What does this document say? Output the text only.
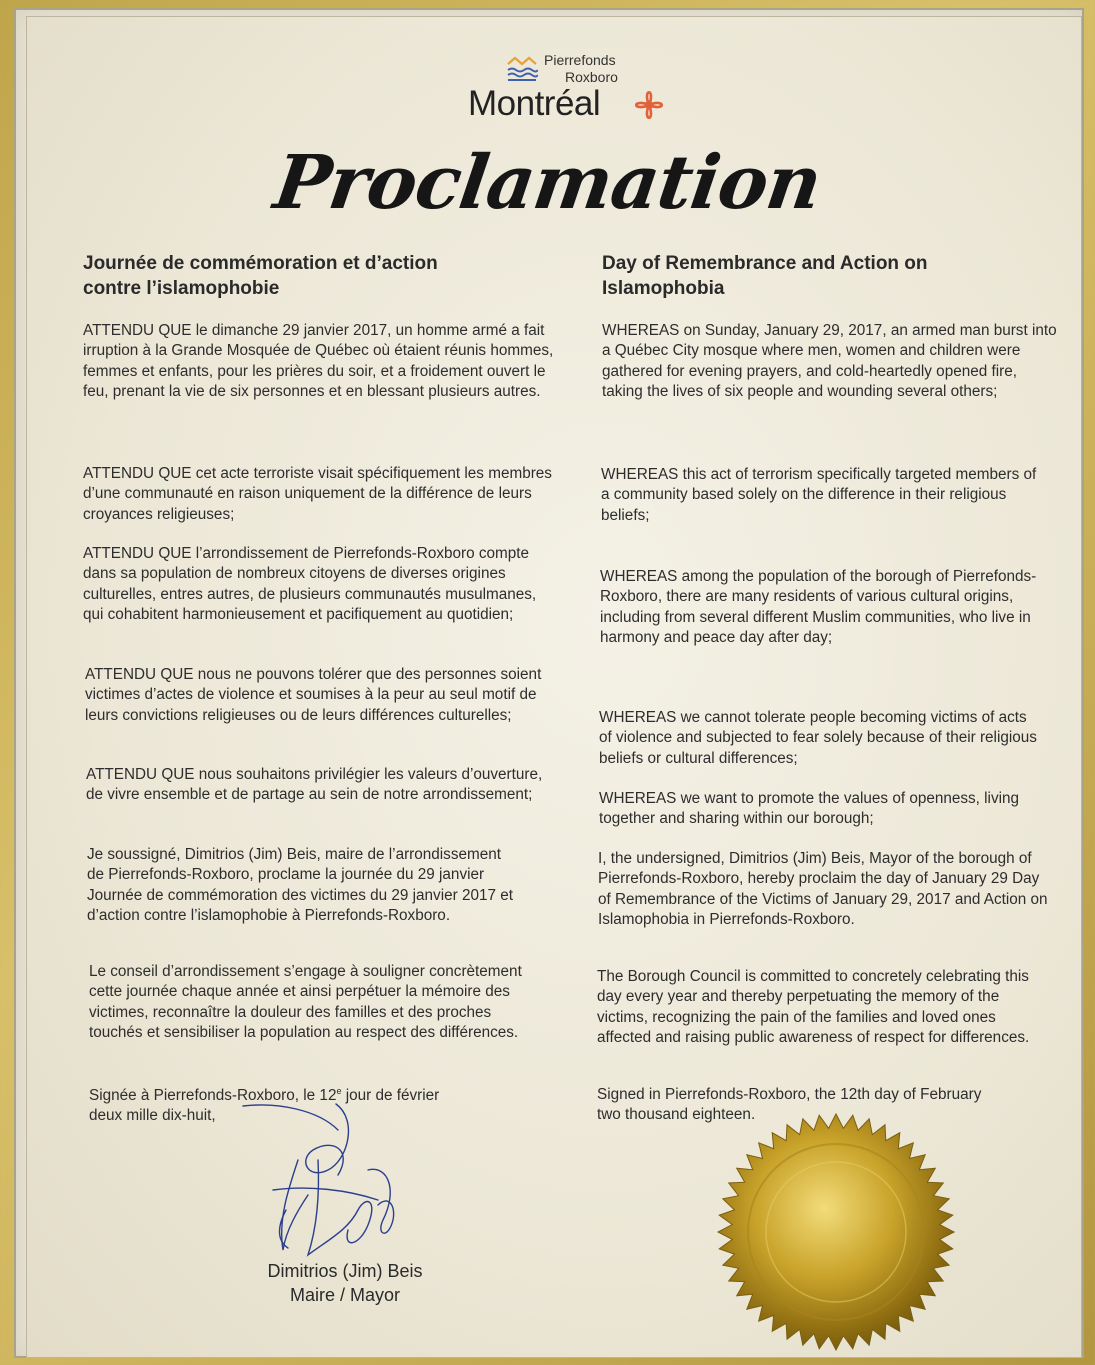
Pierrefonds
Roxboro
Montréal
Proclamation
Journée de commémoration et d’action
contre l’islamophobie

ATTENDU QUE le dimanche 29 janvier 2017, un homme armé a fait irruption à la Grande Mosquée de Québec où étaient réunis hommes, femmes et enfants, pour les prières du soir, et a froidement ouvert le feu, prenant la vie de six personnes et en blessant plusieurs autres.

ATTENDU QUE cet acte terroriste visait spécifiquement les membres d’une communauté en raison uniquement de la différence de leurs croyances religieuses;

ATTENDU QUE l’arrondissement de Pierrefonds-Roxboro compte dans sa population de nombreux citoyens de diverses origines culturelles, entres autres, de plusieurs communautés musulmanes, qui cohabitent harmonieusement et pacifiquement au quotidien;

ATTENDU QUE nous ne pouvons tolérer que des personnes soient victimes d’actes de violence et soumises à la peur au seul motif de leurs convictions religieuses ou de leurs différences culturelles;

ATTENDU QUE nous souhaitons privilégier les valeurs d’ouverture, de vivre ensemble et de partage au sein de notre arrondissement;

Je soussigné, Dimitrios (Jim) Beis, maire de l’arrondissement de Pierrefonds-Roxboro, proclame la journée du 29 janvier Journée de commémoration des victimes du 29 janvier 2017 et d’action contre l’islamophobie à Pierrefonds-Roxboro.

Le conseil d’arrondissement s’engage à souligner concrètement cette journée chaque année et ainsi perpétuer la mémoire des victimes, reconnaître la douleur des familles et des proches touchés et sensibiliser la population au respect des différences.

Signée à Pierrefonds-Roxboro, le 12e jour de février
deux mille dix-huit,
Day of Remembrance and Action on
Islamophobia

WHEREAS on Sunday, January 29, 2017, an armed man burst into a Québec City mosque where men, women and children were gathered for evening prayers, and cold-heartedly opened fire, taking the lives of six people and wounding several others;

WHEREAS this act of terrorism specifically targeted members of a community based solely on the difference in their religious beliefs;

WHEREAS among the population of the borough of Pierrefonds-Roxboro, there are many residents of various cultural origins, including from several different Muslim communities, who live in harmony and peace day after day;

WHEREAS we cannot tolerate people becoming victims of acts of violence and subjected to fear solely because of their religious beliefs or cultural differences;

WHEREAS we want to promote the values of openness, living together and sharing within our borough;

I, the undersigned, Dimitrios (Jim) Beis, Mayor of the borough of Pierrefonds-Roxboro, hereby proclaim the day of January 29 Day of Remembrance of the Victims of January 29, 2017 and Action on Islamophobia in Pierrefonds-Roxboro.

The Borough Council is committed to concretely celebrating this day every year and thereby perpetuating the memory of the victims, recognizing the pain of the families and loved ones affected and raising public awareness of respect for differences.

Signed in Pierrefonds-Roxboro, the 12th day of February
two thousand eighteen.
Dimitrios (Jim) Beis
Maire / Mayor
